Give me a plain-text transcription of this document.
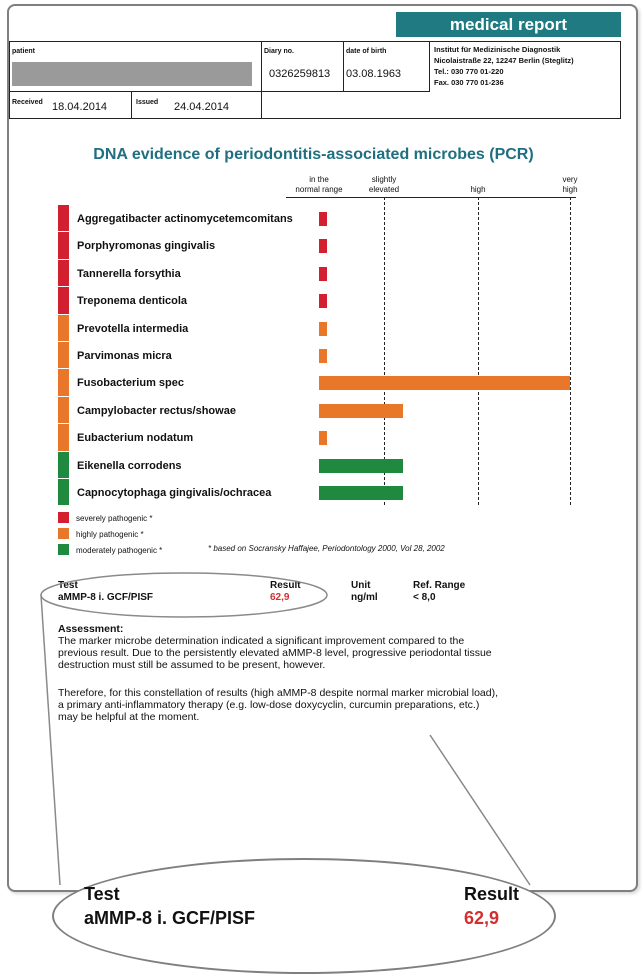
medical report
patient	Diary no.
0326259813
date of birth
03.08.1963
Institut für Medizinische Diagnostik
Nicolaistraße 22, 12247 Berlin (Steglitz)
Tel.: 030 770 01-220
Fax. 030 770 01-236
Received 18.04.2014	Issued 24.04.2014
DNA evidence of periodontitis-associated microbes (PCR)
in the
normal range
slightly
elevated	high
very
high
Aggregatibacter actinomycetemcomitans
Porphyromonas gingivalis
Tannerella forsythia
Treponema denticola
Prevotella intermedia
Parvimonas micra
Fusobacterium spec
Campylobacter rectus/showae
Eubacterium nodatum
Eikenella corrodens
Capnocytophaga gingivalis/ochracea
severely pathogenic *
highly pathogenic *
moderately pathogenic *	* based on Socransky Haffajee, Periodontology 2000, Vol 28, 2002
Test	Result	Unit	Ref. Range
aMMP-8 i. GCF/PISF	62,9	ng/ml	< 8,0
Assessment:
The marker microbe determination indicated a significant improvement compared to the
previous result. Due to the persistently elevated aMMP-8 level, progressive periodontal tissue
destruction must still be assumed to be present, however.
Therefore, for this constellation of results (high aMMP-8 despite normal marker microbial load),
a primary anti-inflammatory therapy (e.g. low-dose doxycyclin, curcumin preparations, etc.)
may be helpful at the moment.
Test	Result
aMMP-8 i. GCF/PISF	62,9
